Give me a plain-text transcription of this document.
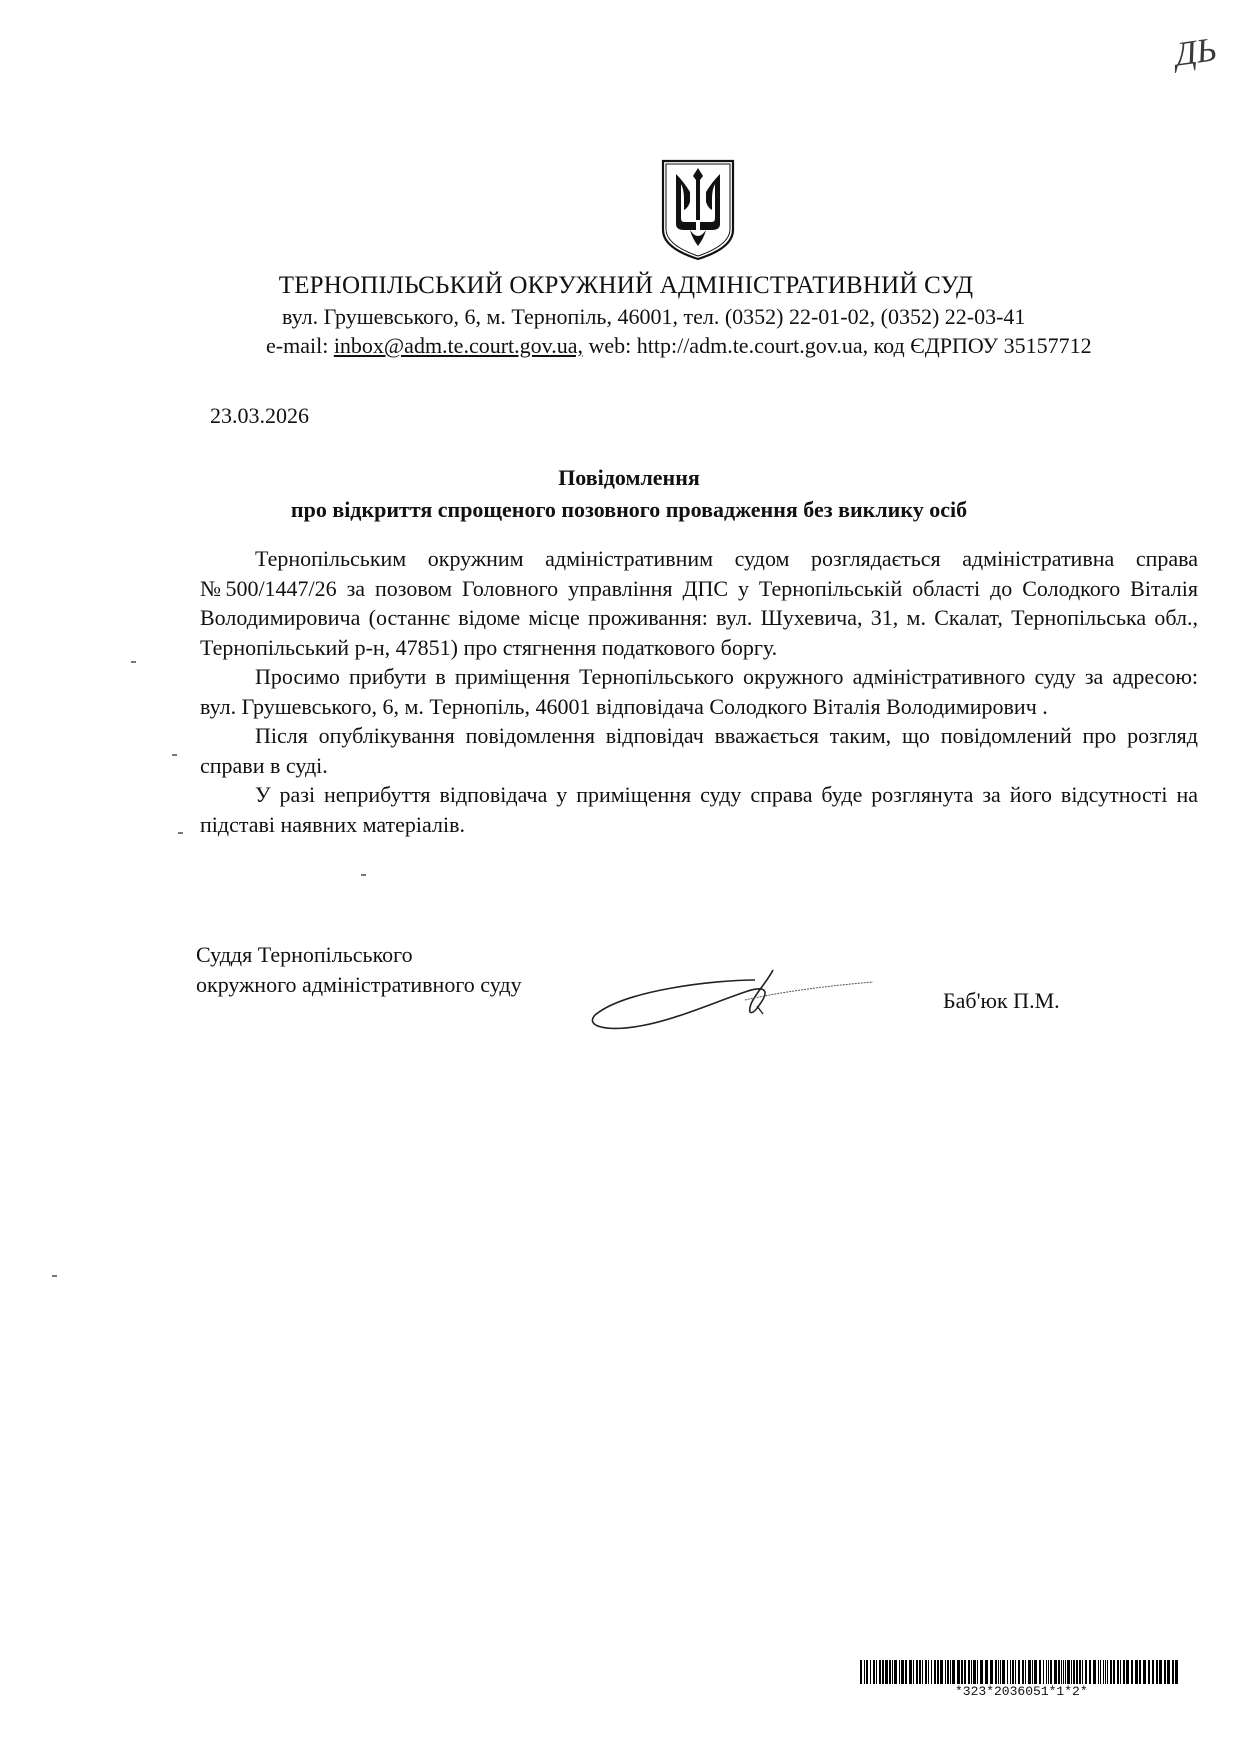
ДЬ
ТЕРНОПІЛЬСЬКИЙ ОКРУЖНИЙ АДМІНІСТРАТИВНИЙ СУД
вул. Грушевського, 6, м. Тернопіль, 46001, тел. (0352) 22-01-02, (0352) 22-03-41
e-mail: inbox@adm.te.court.gov.ua, web: http://adm.te.court.gov.ua, код ЄДРПОУ 35157712
23.03.2026
Повідомлення
про відкриття спрощеного позовного провадження без виклику осіб

Тернопільським окружним адміністративним судом розглядається адміністративна справа №500/1447/26 за позовом Головного управління ДПС у Тернопільській області до Солодкого Віталія Володимировича (останнє відоме місце проживання: вул. Шухевича, 31, м. Скалат, Тернопільська обл., Тернопільський р-н, 47851) про стягнення податкового боргу.

Просимо прибути в приміщення Тернопільського окружного адміністративного суду за адресою: вул. Грушевського, 6, м. Тернопіль, 46001 відповідача Солодкого Віталія Володимирович .

Після опублікування повідомлення відповідач вважається таким, що повідомлений про розгляд справи в суді.

У разі неприбуття відповідача у приміщення суду справа буде розглянута за його відсутності на підставі наявних матеріалів.

Суддя Тернопільського
окружного адміністративного суду
Баб'юк П.М.
*323*2036051*1*2*
